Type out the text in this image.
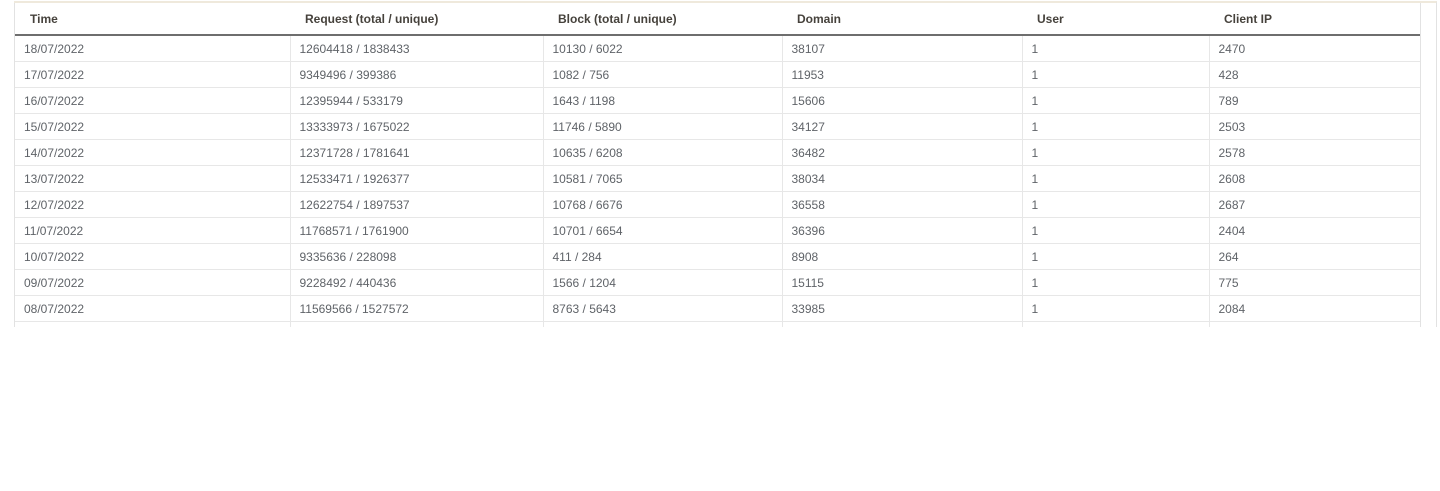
Time	Request (total / unique)	Block (total / unique)	Domain	User	Client IP
18/07/2022	12604418 / 1838433	10130 / 6022	38107	1	2470
17/07/2022	9349496 / 399386	1082 / 756	11953	1	428
16/07/2022	12395944 / 533179	1643 / 1198	15606	1	789
15/07/2022	13333973 / 1675022	11746 / 5890	34127	1	2503
14/07/2022	12371728 / 1781641	10635 / 6208	36482	1	2578
13/07/2022	12533471 / 1926377	10581 / 7065	38034	1	2608
12/07/2022	12622754 / 1897537	10768 / 6676	36558	1	2687
11/07/2022	11768571 / 1761900	10701 / 6654	36396	1	2404
10/07/2022	9335636 / 228098	411 / 284	8908	1	264
09/07/2022	9228492 / 440436	1566 / 1204	15115	1	775
08/07/2022	11569566 / 1527572	8763 / 5643	33985	1	2084
